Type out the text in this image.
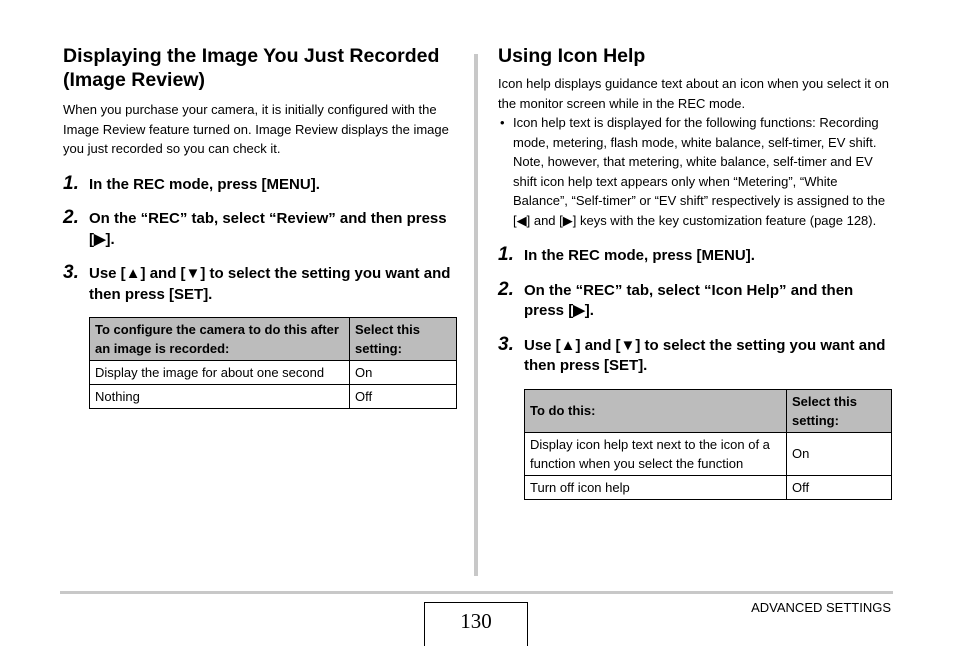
Displaying the Image You Just Recorded (Image Review)

When you purchase your camera, it is initially configured with the Image Review feature turned on. Image Review displays the image you just recorded so you can check it.

1. In the REC mode, press [MENU].
2. On the “REC” tab, select “Review” and then press [▶].
3. Use [▲] and [▼] to select the setting you want and then press [SET].
To configure the camera to do this after an image is recorded:	Select this setting:
Display the image for about one second	On
Nothing	Off
Using Icon Help

Icon help displays guidance text about an icon when you select it on the monitor screen while in the REC mode.

• Icon help text is displayed for the following functions: Recording mode, metering, flash mode, white balance, self-timer, EV shift. Note, however, that metering, white balance, self-timer and EV shift icon help text appears only when “Metering”, “White Balance”, “Self-timer” or “EV shift” respectively is assigned to the [◀] and [▶] keys with the key customization feature (page 128).
1. In the REC mode, press [MENU].
2. On the “REC” tab, select “Icon Help” and then press [▶].
3. Use [▲] and [▼] to select the setting you want and then press [SET].
To do this:	Select this setting:
Display icon help text next to the icon of a function when you select the function	On
Turn off icon help	Off
130
ADVANCED SETTINGS
